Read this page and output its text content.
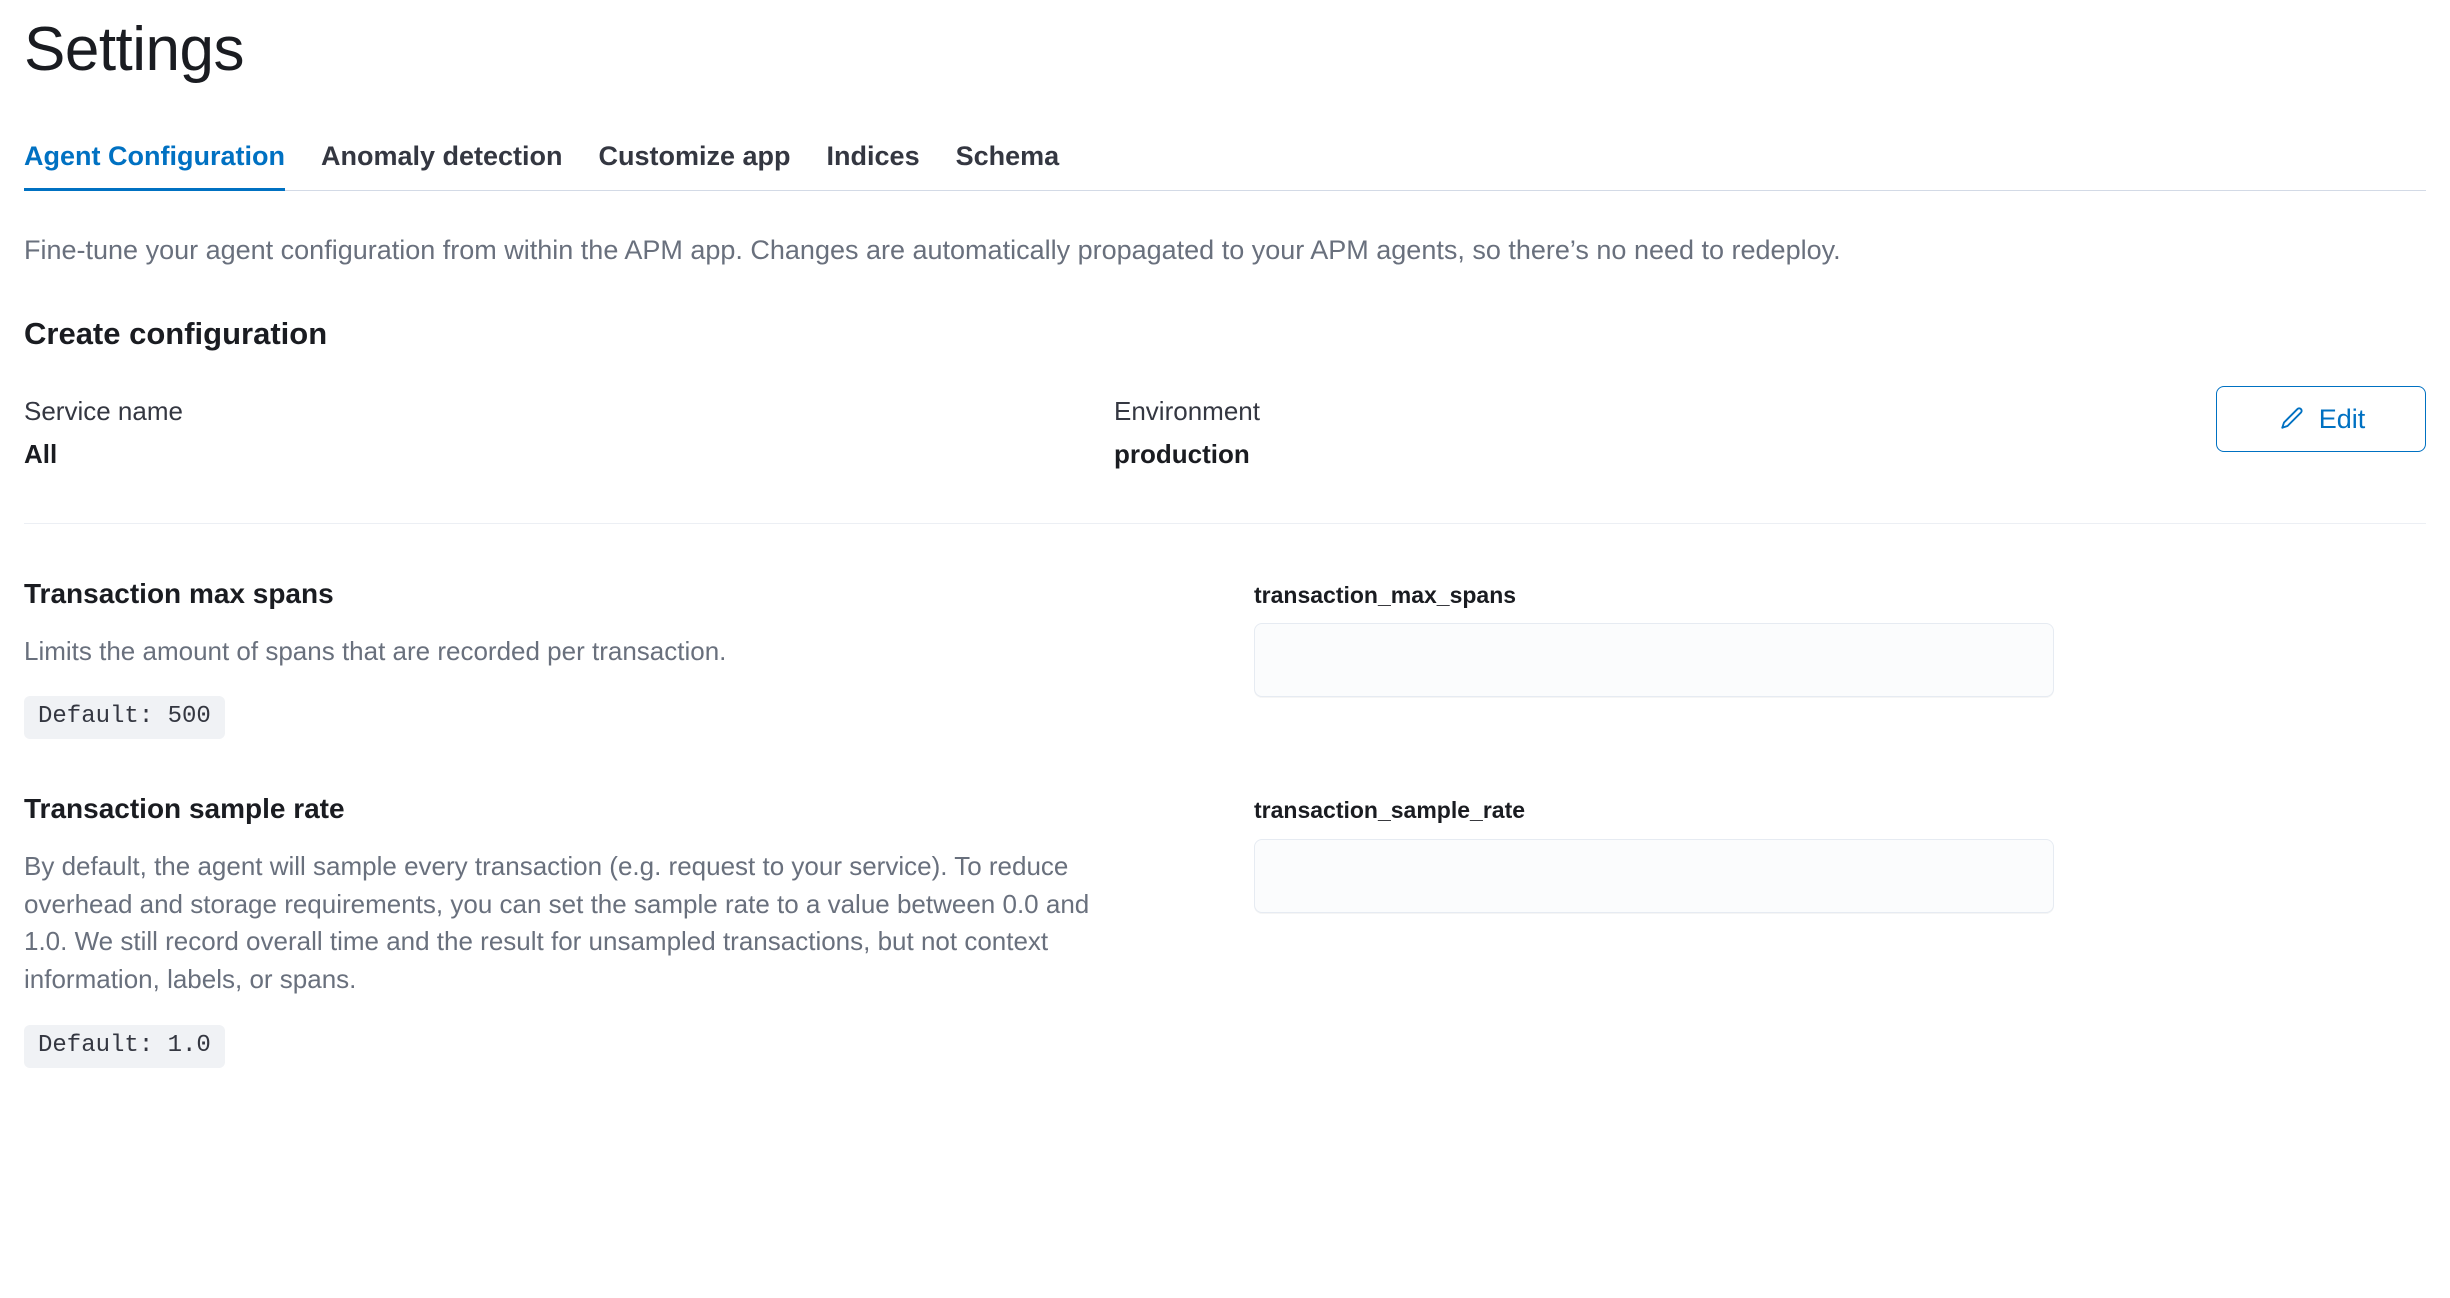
Settings
Agent Configuration	Anomaly detection	Customize app	Indices	Schema
Fine-tune your agent configuration from within the APM app. Changes are automatically propagated to your APM agents, so there’s no need to redeploy.
Create configuration
Service name
All
Environment
production
Edit
Transaction max spans
Limits the amount of spans that are recorded per transaction.
Default: 500
transaction_max_spans
Transaction sample rate
By default, the agent will sample every transaction (e.g. request to your service). To reduce overhead and storage requirements, you can set the sample rate to a value between 0.0 and 1.0. We still record overall time and the result for unsampled transactions, but not context information, labels, or spans.
Default: 1.0
transaction_sample_rate
